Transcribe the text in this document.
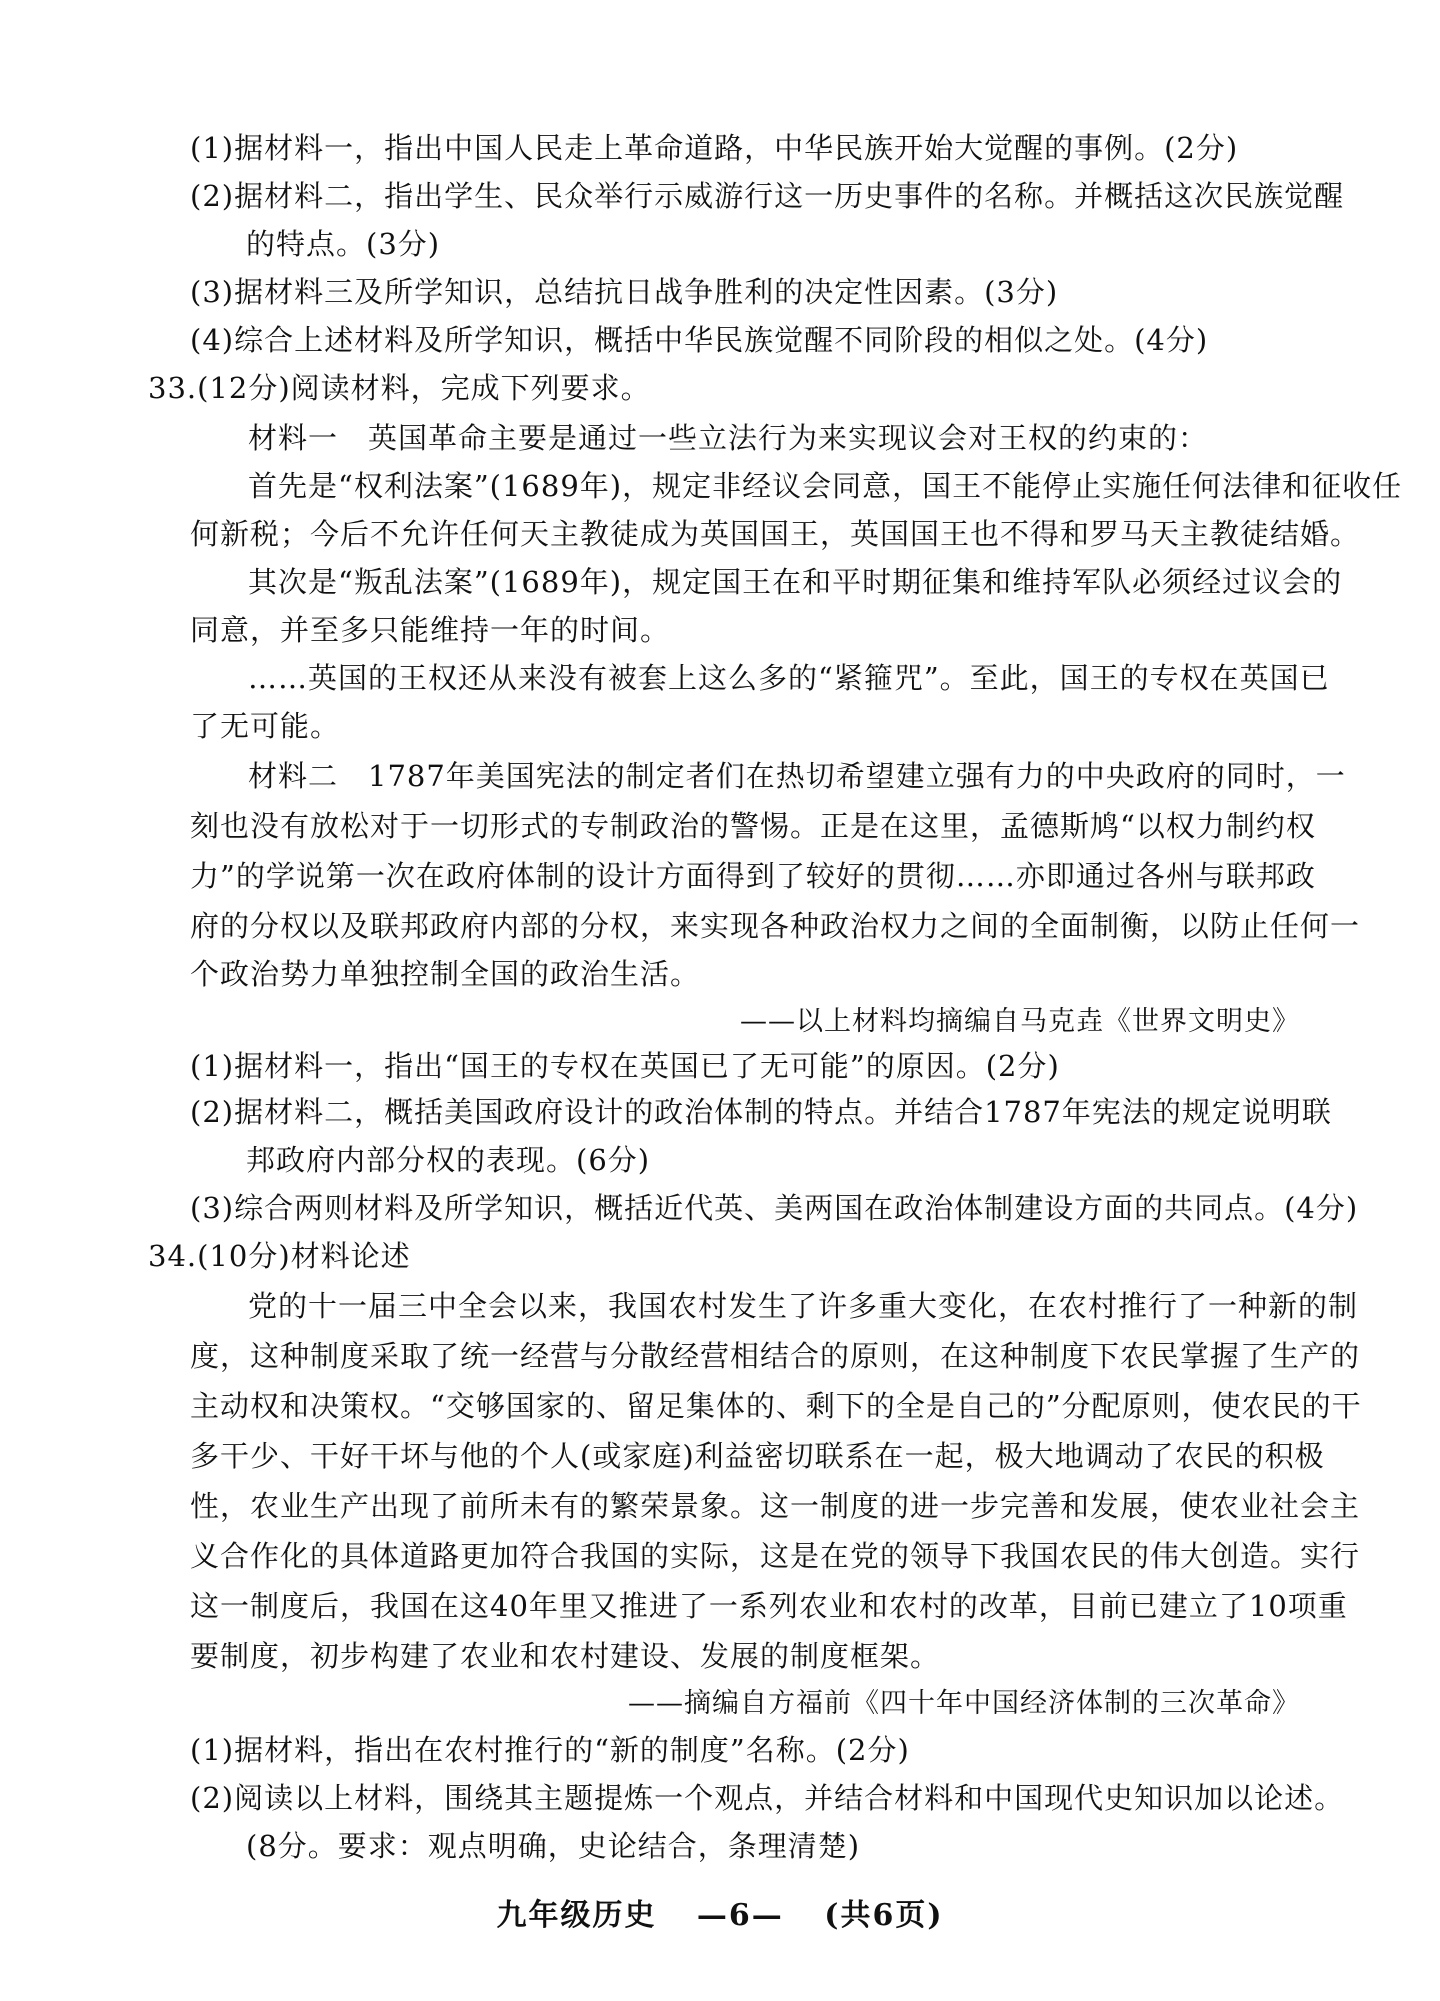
(1)据材料一，指出中国人民走上革命道路，中华民族开始大觉醒的事例。(2分)
(2)据材料二，指出学生、民众举行示威游行这一历史事件的名称。并概括这次民族觉醒
的特点。(3分)
(3)据材料三及所学知识，总结抗日战争胜利的决定性因素。(3分)
(4)综合上述材料及所学知识，概括中华民族觉醒不同阶段的相似之处。(4分)
33.(12分)阅读材料，完成下列要求。
材料一　英国革命主要是通过一些立法行为来实现议会对王权的约束的：
首先是“权利法案”(1689年)，规定非经议会同意，国王不能停止实施任何法律和征收任
何新税；今后不允许任何天主教徒成为英国国王，英国国王也不得和罗马天主教徒结婚。
其次是“叛乱法案”(1689年)，规定国王在和平时期征集和维持军队必须经过议会的
同意，并至多只能维持一年的时间。
……英国的王权还从来没有被套上这么多的“紧箍咒”。至此，国王的专权在英国已
了无可能。
材料二　1787年美国宪法的制定者们在热切希望建立强有力的中央政府的同时，一
刻也没有放松对于一切形式的专制政治的警惕。正是在这里，孟德斯鸠“以权力制约权
力”的学说第一次在政府体制的设计方面得到了较好的贯彻……亦即通过各州与联邦政
府的分权以及联邦政府内部的分权，来实现各种政治权力之间的全面制衡，以防止任何一
个政治势力单独控制全国的政治生活。
——以上材料均摘编自马克垚《世界文明史》
(1)据材料一，指出“国王的专权在英国已了无可能”的原因。(2分)
(2)据材料二，概括美国政府设计的政治体制的特点。并结合1787年宪法的规定说明联
邦政府内部分权的表现。(6分)
(3)综合两则材料及所学知识，概括近代英、美两国在政治体制建设方面的共同点。(4分)
34.(10分)材料论述
党的十一届三中全会以来，我国农村发生了许多重大变化，在农村推行了一种新的制
度，这种制度采取了统一经营与分散经营相结合的原则，在这种制度下农民掌握了生产的
主动权和决策权。“交够国家的、留足集体的、剩下的全是自己的”分配原则，使农民的干
多干少、干好干坏与他的个人(或家庭)利益密切联系在一起，极大地调动了农民的积极
性，农业生产出现了前所未有的繁荣景象。这一制度的进一步完善和发展，使农业社会主
义合作化的具体道路更加符合我国的实际，这是在党的领导下我国农民的伟大创造。实行
这一制度后，我国在这40年里又推进了一系列农业和农村的改革，目前已建立了10项重
要制度，初步构建了农业和农村建设、发展的制度框架。
——摘编自方福前《四十年中国经济体制的三次革命》
(1)据材料，指出在农村推行的“新的制度”名称。(2分)
(2)阅读以上材料，围绕其主题提炼一个观点，并结合材料和中国现代史知识加以论述。
(8分。要求：观点明确，史论结合，条理清楚)
九年级历史 —6— (共6页)
